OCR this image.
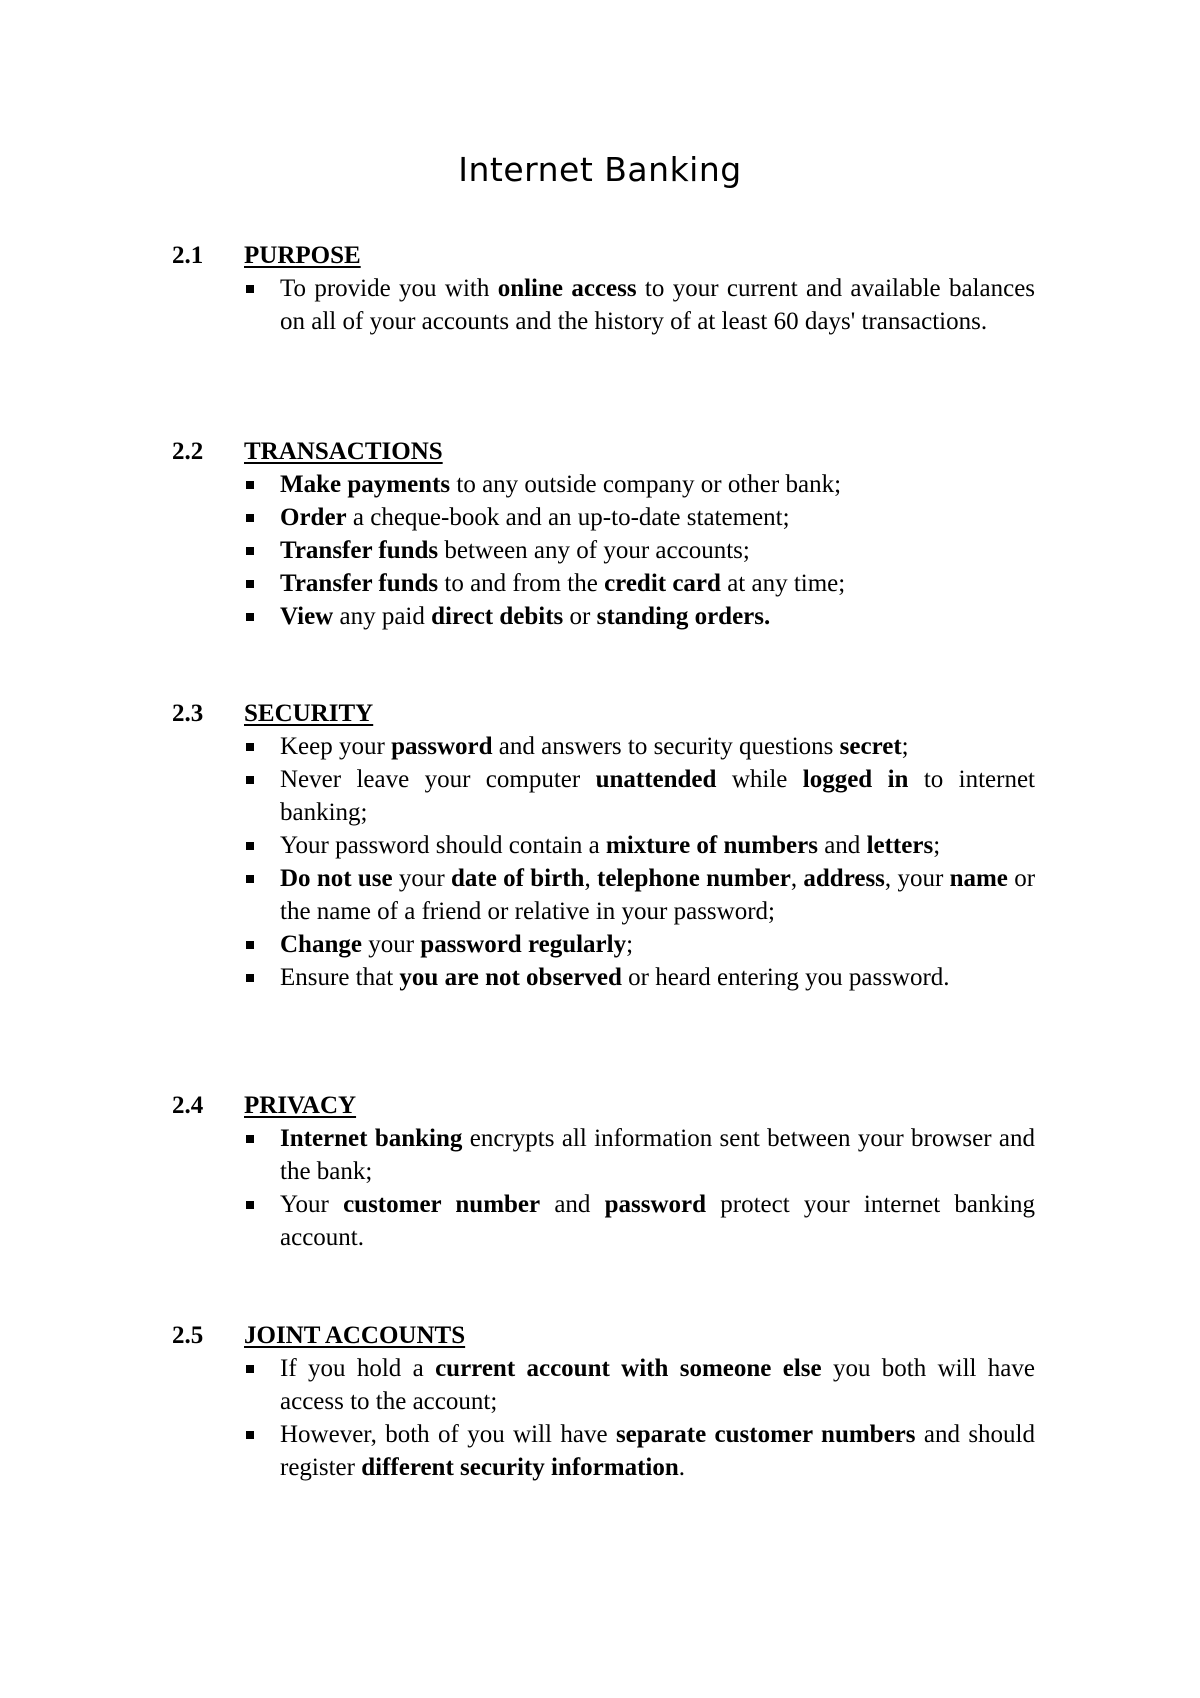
Internet Banking
2.1 PURPOSE
To provide you with online access to your current and available balances on all of your accounts and the history of at least 60 days' transactions.
2.2 TRANSACTIONS
Make payments to any outside company or other bank;
Order a cheque-book and an up-to-date statement;
Transfer funds between any of your accounts;
Transfer funds to and from the credit card at any time;
View any paid direct debits or standing orders.
2.3 SECURITY
Keep your password and answers to security questions secret;
Never leave your computer unattended while logged in to internet banking;
Your password should contain a mixture of numbers and letters;
Do not use your date of birth, telephone number, address, your name or the name of a friend or relative in your password;
Change your password regularly;
Ensure that you are not observed or heard entering you password.
2.4 PRIVACY
Internet banking encrypts all information sent between your browser and the bank;
Your customer number and password protect your internet banking account.
2.5 JOINT ACCOUNTS
If you hold a current account with someone else you both will have access to the account;
However, both of you will have separate customer numbers and should register different security information.
